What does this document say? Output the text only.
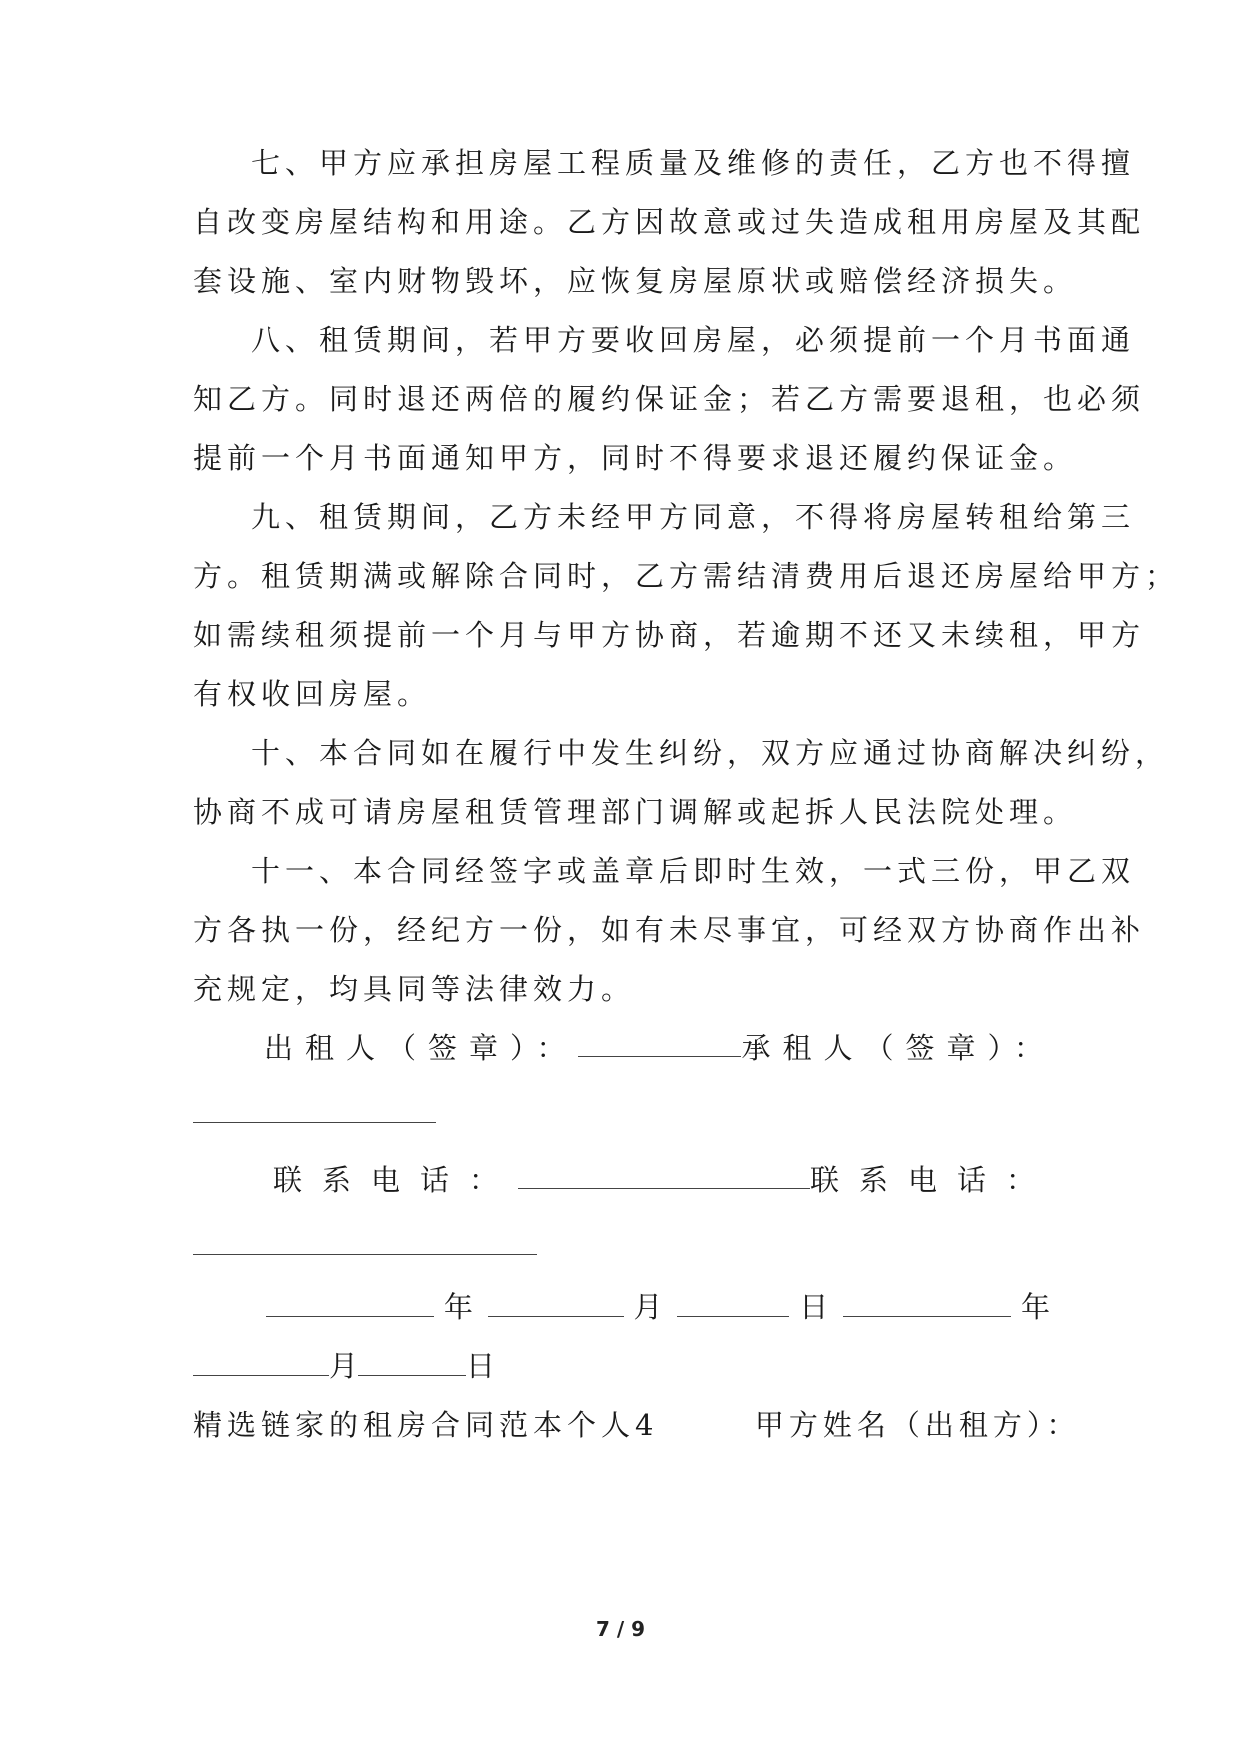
七、甲方应承担房屋工程质量及维修的责任，乙方也不得擅
自改变房屋结构和用途。乙方因故意或过失造成租用房屋及其配
套设施、室内财物毁坏，应恢复房屋原状或赔偿经济损失。
八、租赁期间，若甲方要收回房屋，必须提前一个月书面通
知乙方。同时退还两倍的履约保证金；若乙方需要退租，也必须
提前一个月书面通知甲方，同时不得要求退还履约保证金。
九、租赁期间，乙方未经甲方同意，不得将房屋转租给第三
方。租赁期满或解除合同时，乙方需结清费用后退还房屋给甲方；
如需续租须提前一个月与甲方协商，若逾期不还又未续租，甲方
有权收回房屋。
十、本合同如在履行中发生纠纷，双方应通过协商解决纠纷，
协商不成可请房屋租赁管理部门调解或起拆人民法院处理。
十一、本合同经签字或盖章后即时生效，一式三份，甲乙双
方各执一份，经纪方一份，如有未尽事宜，可经双方协商作出补
充规定，均具同等法律效力。
出租人（签章）：	承租人（签章）：
联系电话：	联系电话：
年	月	日	年
月	日
精选链家的租房合同范本个人4	甲方姓名（出租方）：
7 / 9
